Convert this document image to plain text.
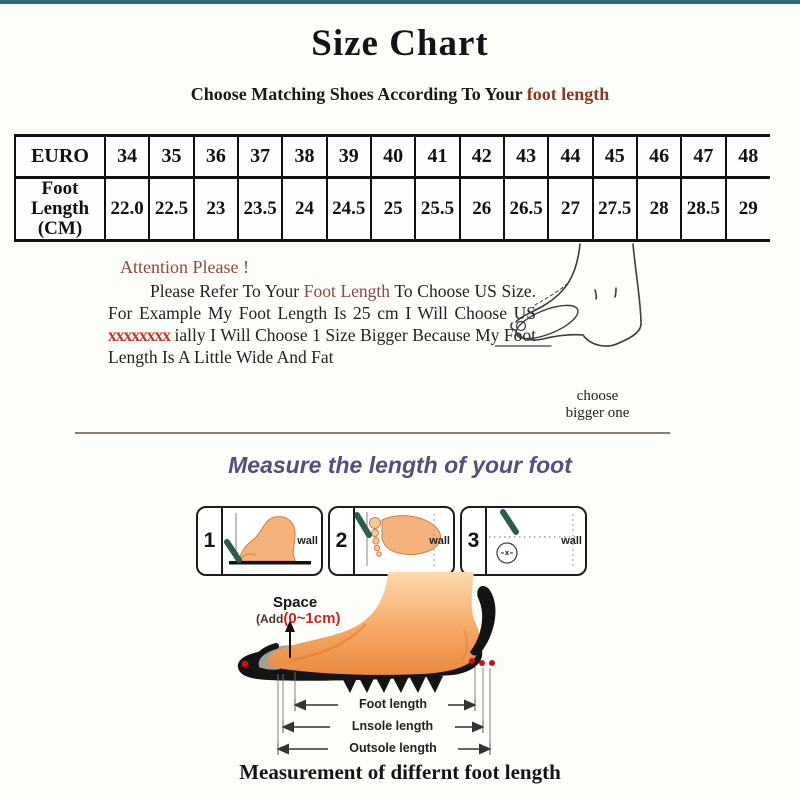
Size Chart
Choose Matching Shoes According To Your foot length
EURO	34	35	36	37	38	39	40	41	42	43	44	45	46	47	48

Foot
Length
(CM)	22.0	22.5	23	23.5	24	24.5	25	25.5	26	26.5	27	27.5	28	28.5	29
Attention Please !

Please Refer To Your Foot Length To Choose US Size. For Example My Foot Length Is 25 cm I Will Choose US xxxxxxxx ially I Will Choose 1 Size Bigger Because My Foot Length Is A Little Wide And Fat

choose
bigger one
Measure the length of your foot
1	wall 2	wall 3	wall
Space
(Add(0~1cm)
Foot length
Lnsole length
Outsole length
Measurement of differnt foot length
